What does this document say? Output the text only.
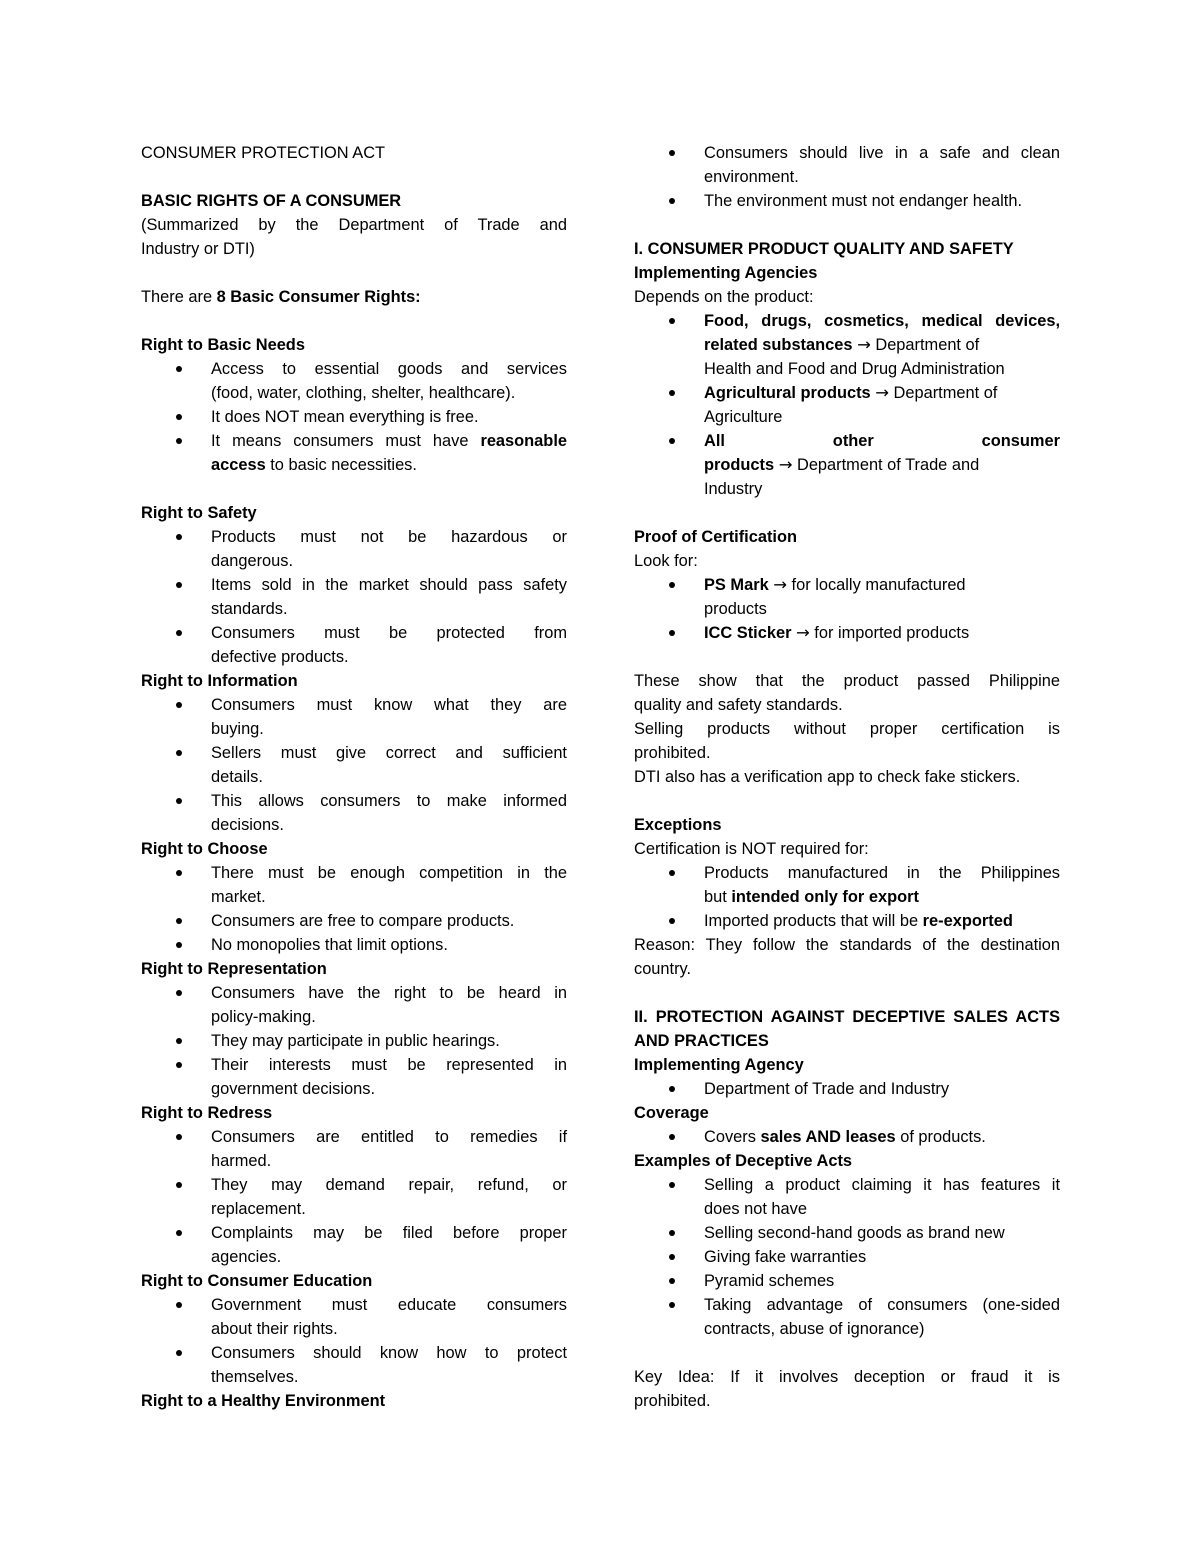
CONSUMER PROTECTION ACT
BASIC RIGHTS OF A CONSUMER
(Summarized by the Department of Trade and
Industry or DTI)
There are 8 Basic Consumer Rights:
Right to Basic Needs
Access to essential goods and services
(food, water, clothing, shelter, healthcare).
It does NOT mean everything is free.
It means consumers must have reasonable
access to basic necessities.
Right to Safety
Products must not be hazardous or
dangerous.
Items sold in the market should pass safety
standards.
Consumers must be protected from
defective products.
Right to Information
Consumers must know what they are
buying.
Sellers must give correct and sufficient
details.
This allows consumers to make informed
decisions.
Right to Choose
There must be enough competition in the
market.
Consumers are free to compare products.
No monopolies that limit options.
Right to Representation
Consumers have the right to be heard in
policy-making.
They may participate in public hearings.
Their interests must be represented in
government decisions.
Right to Redress
Consumers are entitled to remedies if
harmed.
They may demand repair, refund, or
replacement.
Complaints may be filed before proper
agencies.
Right to Consumer Education
Government must educate consumers
about their rights.
Consumers should know how to protect
themselves.
Right to a Healthy Environment
Consumers should live in a safe and clean
environment.
The environment must not endanger health.
I. CONSUMER PRODUCT QUALITY AND SAFETY
Implementing Agencies
Depends on the product:
Food, drugs, cosmetics, medical devices,
related substances → Department of
Health and Food and Drug Administration
Agricultural products → Department of
Agriculture
All other consumer
products → Department of Trade and
Industry
Proof of Certification
Look for:
PS Mark → for locally manufactured
products
ICC Sticker → for imported products
These show that the product passed Philippine
quality and safety standards.
Selling products without proper certification is
prohibited.
DTI also has a verification app to check fake stickers.
Exceptions
Certification is NOT required for:
Products manufactured in the Philippines
but intended only for export
Imported products that will be re-exported
Reason: They follow the standards of the destination
country.
II. PROTECTION AGAINST DECEPTIVE SALES ACTS
AND PRACTICES
Implementing Agency
Department of Trade and Industry
Coverage
Covers sales AND leases of products.
Examples of Deceptive Acts
Selling a product claiming it has features it
does not have
Selling second-hand goods as brand new
Giving fake warranties
Pyramid schemes
Taking advantage of consumers (one-sided
contracts, abuse of ignorance)
Key Idea: If it involves deception or fraud it is
prohibited.
